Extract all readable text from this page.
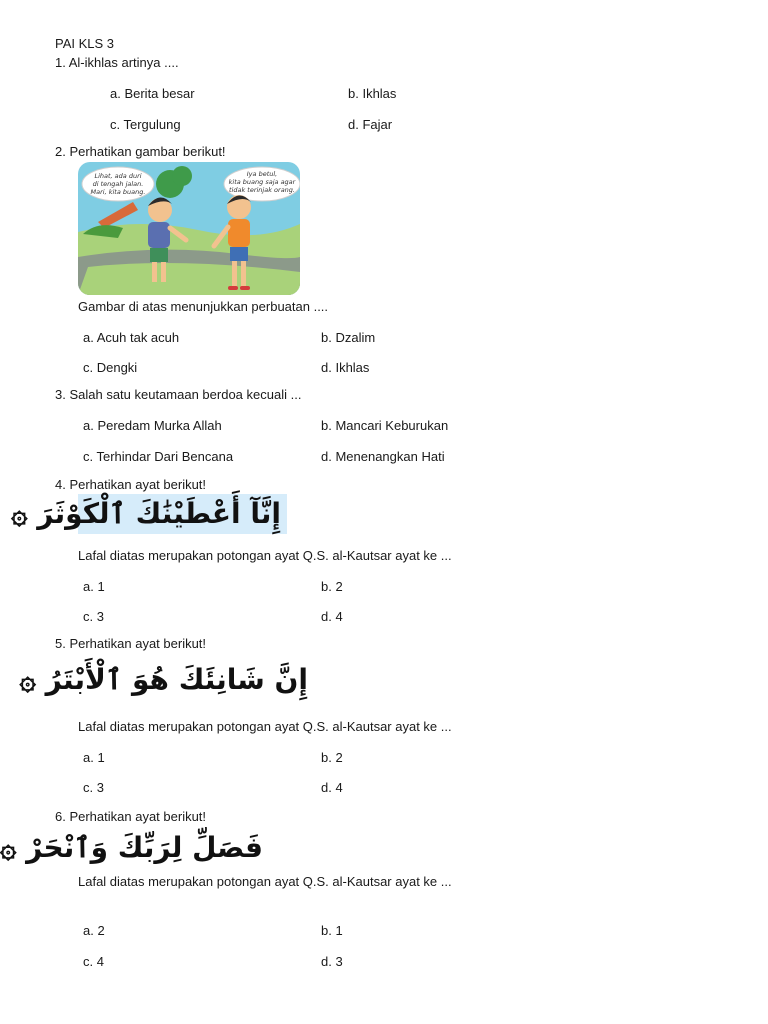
PAI KLS 3
1. Al-ikhlas artinya ....
a. Berita besar	b. Ikhlas
c. Tergulung	d. Fajar
2. Perhatikan gambar berikut!
Lihat, ada duri
di tengah jalan.
Mari, kita buang.
Iya betul,
kita buang saja agar
tidak terinjak orang.
Gambar di atas menunjukkan perbuatan ....
a. Acuh tak acuh	b. Dzalim
c. Dengki	d. Ikhlas
3. Salah satu keutamaan berdoa kecuali ...
a. Peredam Murka Allah	b. Mancari Keburukan
c. Terhindar Dari Bencana	d. Menenangkan Hati
4. Perhatikan ayat berikut!
إِنَّآ أَعْطَيْنَٰكَ ٱلْكَوْثَرَ ۞
Lafal diatas merupakan potongan ayat Q.S. al-Kautsar ayat ke ...
a. 1	b. 2
c. 3	d. 4
5. Perhatikan ayat berikut!
إِنَّ شَانِئَكَ هُوَ ٱلْأَبْتَرُ ۞
Lafal diatas merupakan potongan ayat Q.S. al-Kautsar ayat ke ...
a. 1	b. 2
c. 3	d. 4
6. Perhatikan ayat berikut!
فَصَلِّ لِرَبِّكَ وَٱنْحَرْ ۞
Lafal diatas merupakan potongan ayat Q.S. al-Kautsar ayat ke ...
a. 2	b. 1
c. 4	d. 3
